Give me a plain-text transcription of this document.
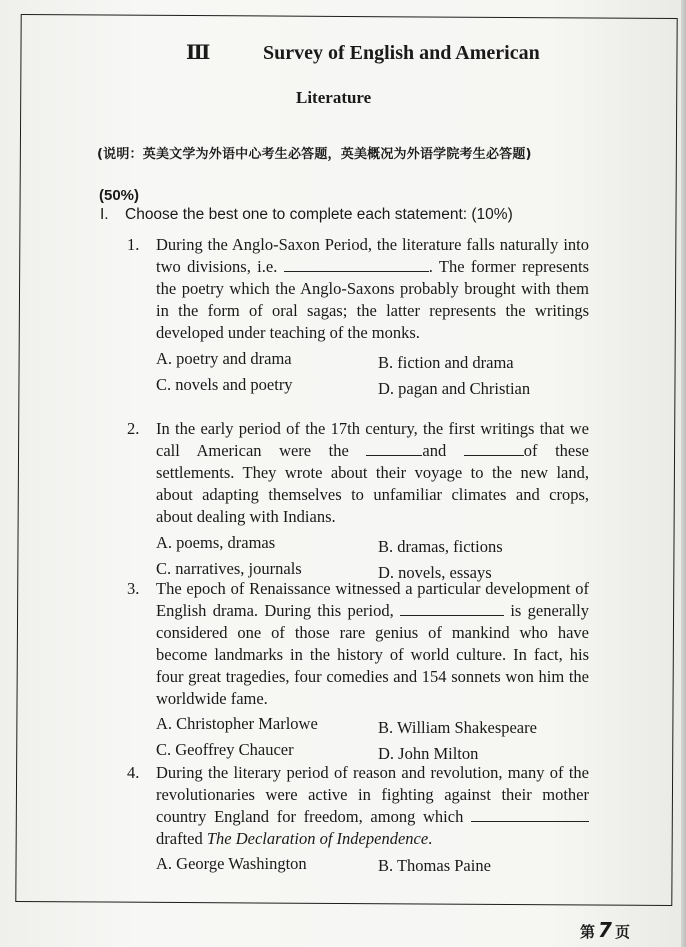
Ⅲ	Survey of English and American
Literature
(说明：英美文学为外语中心考生必答题，英美概况为外语学院考生必答题)
(50%)
I. Choose the best one to complete each statement: (10%)
1. During the Anglo-Saxon Period, the literature falls naturally into two divisions, i.e.	. The former represents the poetry which the Anglo-Saxons probably brought with them in the form of oral sagas; the latter represents the writings developed under teaching of the monks.
A. poetry and drama	B. fiction and drama
C. novels and poetry	D. pagan and Christian
2. In the early period of the 17th century, the first writings that we call American were the	and	of these settlements. They wrote about their voyage to the new land, about adapting themselves to unfamiliar climates and crops, about dealing with Indians.
A. poems, dramas	B. dramas, fictions
C. narratives, journals	D. novels, essays
3. The epoch of Renaissance witnessed a particular development of English drama. During this period,	is generally considered one of those rare genius of mankind who have become landmarks in the history of world culture. In fact, his four great tragedies, four comedies and 154 sonnets won him the worldwide fame.
A. Christopher Marlowe	B. William Shakespeare
C. Geoffrey Chaucer	D. John Milton
4. During the literary period of reason and revolution, many of the revolutionaries were active in fighting against their mother country England for freedom, among which  drafted The Declaration of Independence.
A. George Washington	B. Thomas Paine
第 7 页
